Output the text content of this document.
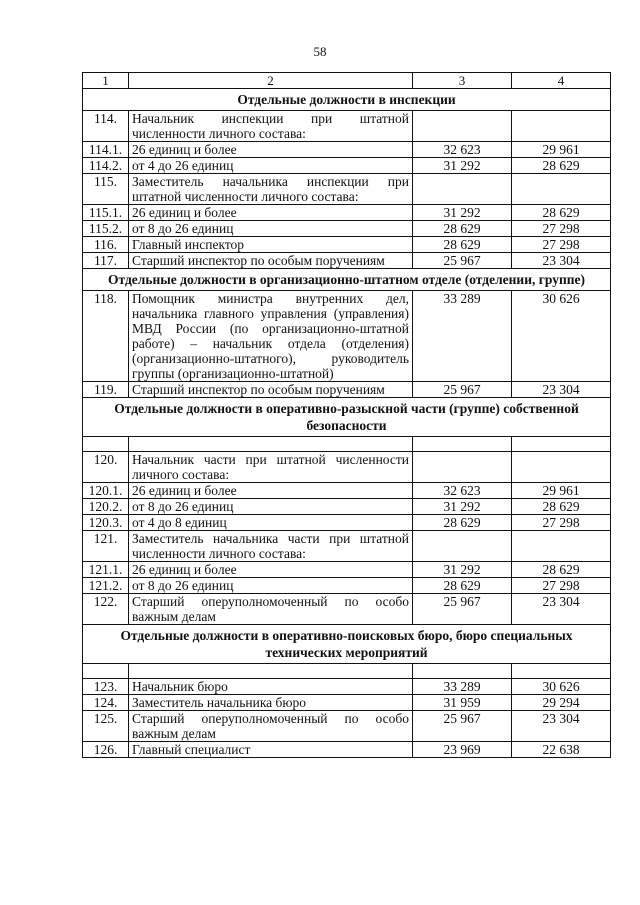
58
1	2	3	4
Отдельные должности в инспекции			
114.	Начальник инспекции при штатной численности личного состава:		
114.1.	26 единиц и более	32 623	29 961
114.2.	от 4 до 26 единиц	31 292	28 629
115.	Заместитель начальника инспекции при штатной численности личного состава:		
115.1.	26 единиц и более	31 292	28 629
115.2.	от 8 до 26 единиц	28 629	27 298
116.	Главный инспектор	28 629	27 298
117.	Старший инспектор по особым поручениям	25 967	23 304
Отдельные должности в организационно-штатном отделе (отделении, группе)			
118.	Помощник министра внутренних дел, начальника главного управления (управления) МВД России (по организационно-штатной работе) – начальник отдела (отделения) (организационно-штатного), руководитель группы (организационно-штатной)	33 289	30 626
119.	Старший инспектор по особым поручениям	25 967	23 304
Отдельные должности в оперативно-разыскной части (группе) собственной безопасности			

120.	Начальник части при штатной численности личного состава:		
120.1.	26 единиц и более	32 623	29 961
120.2.	от 8 до 26 единиц	31 292	28 629
120.3.	от 4 до 8 единиц	28 629	27 298
121.	Заместитель начальника части при штатной численности личного состава:		
121.1.	26 единиц и более	31 292	28 629
121.2.	от 8 до 26 единиц	28 629	27 298
122.	Старший оперуполномоченный по особо важным делам	25 967	23 304
Отдельные должности в оперативно-поисковых бюро, бюро специальных технических мероприятий			

123.	Начальник бюро	33 289	30 626
124.	Заместитель начальника бюро	31 959	29 294
125.	Старший оперуполномоченный по особо важным делам	25 967	23 304
126.	Главный специалист	23 969	22 638
